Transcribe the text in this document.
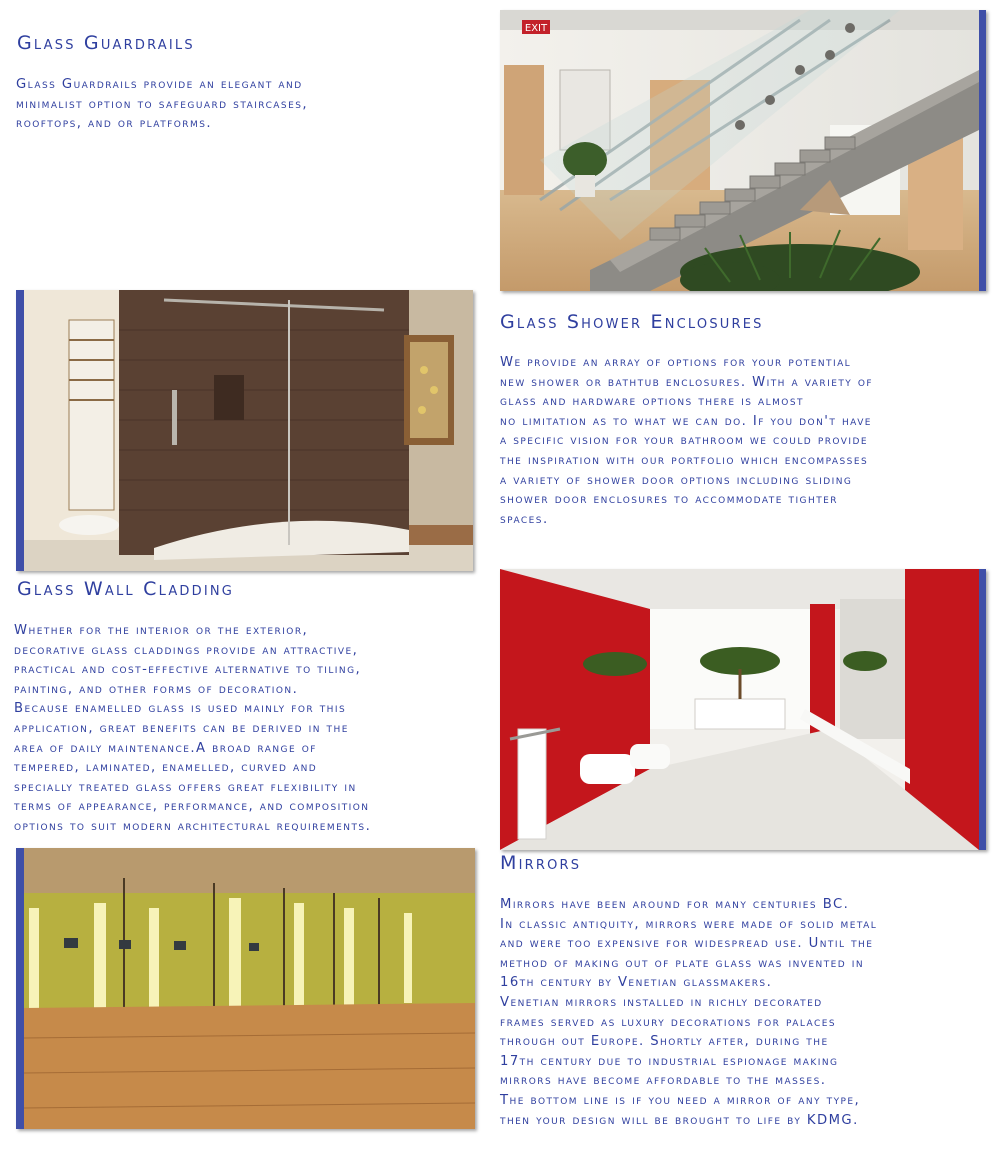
Glass Guardrails
Glass Guardrails provide an elegant and
minimalist option to safeguard staircases,
rooftops, and or platforms.
EXIT
Glass Shower Enclosures
We provide an array of options for your potential
new shower or bathtub enclosures. With a variety of
glass and hardware options there is almost
no limitation as to what we can do. If you don't have
a specific vision for your bathroom we could provide
the inspiration with our portfolio which encompasses
a variety of shower door options including sliding
shower door enclosures to accommodate tighter
spaces.
Glass Wall Cladding
Whether for the interior or the exterior,
decorative glass claddings provide an attractive,
practical and cost-effective alternative to tiling,
painting, and other forms of decoration.
Because enamelled glass is used mainly for this
application, great benefits can be derived in the
area of daily maintenance.A broad range of
tempered, laminated, enamelled, curved and
specially treated glass offers great flexibility in
terms of appearance, performance, and composition
options to suit modern architectural requirements.
Mirrors
Mirrors have been around for many centuries BC.
In classic antiquity, mirrors were made of solid metal
and were too expensive for widespread use. Until the
method of making out of plate glass was invented in
16th century by Venetian glassmakers.
Venetian mirrors installed in richly decorated
frames served as luxury decorations for palaces
through out Europe. Shortly after, during the
17th century due to industrial espionage making
mirrors have become affordable to the masses.
The bottom line is if you need a mirror of any type,
then your design will be brought to life by KDMG.
